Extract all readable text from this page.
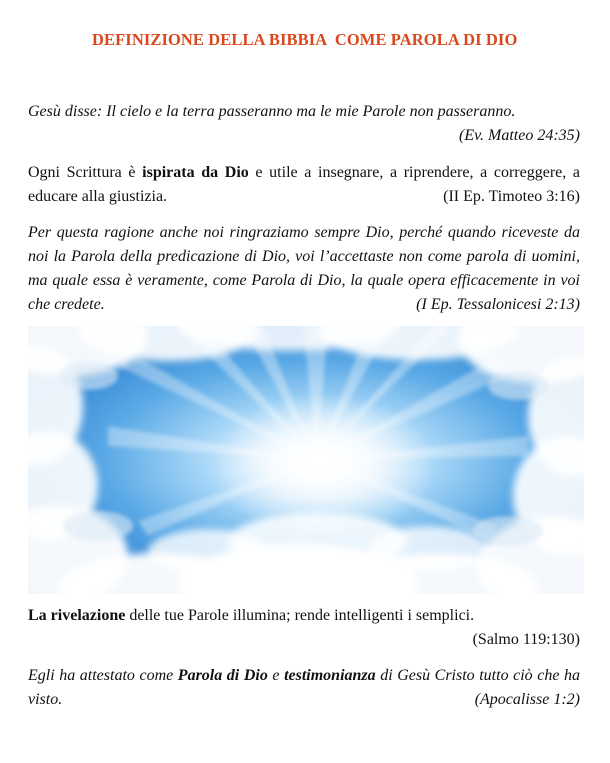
DEFINIZIONE DELLA BIBBIA  COME PAROLA DI DIO
Gesù disse: Il cielo e la terra passeranno ma le mie Parole non passeranno.
(Ev. Matteo 24:35)
Ogni Scrittura è ispirata da Dio e utile a insegnare, a riprendere, a correggere, a educare alla giustizia.	(II Ep. Timoteo 3:16)
Per questa ragione anche noi ringraziamo sempre Dio, perché quando riceveste da noi la Parola della predicazione di Dio, voi l’accettaste non come parola di uomini, ma quale essa è veramente, come Parola di Dio, la quale opera efficacemente in voi che credete.	(I Ep. Tessalonicesi 2:13)
La rivelazione delle tue Parole illumina; rende intelligenti i semplici.
(Salmo 119:130)
Egli ha attestato come Parola di Dio e testimonianza di Gesù Cristo tutto ciò che ha visto.	(Apocalisse 1:2)
